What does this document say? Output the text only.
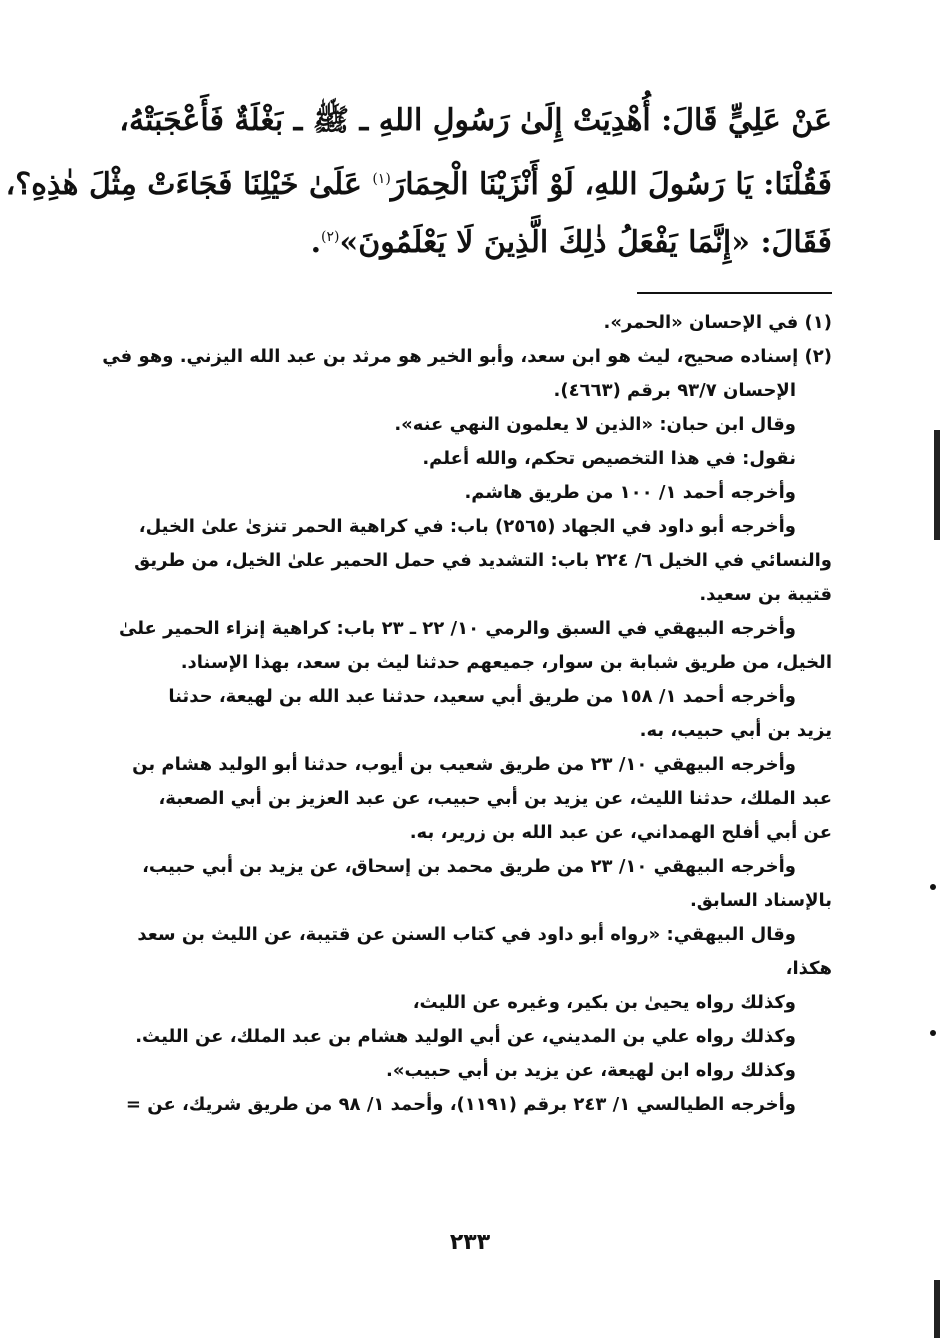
عَنْ عَلِيٍّ قَالَ: أُهْدِيَتْ إِلَىٰ رَسُولِ اللهِ ـ ﷺ ـ بَغْلَةٌ فَأَعْجَبَتْهُ،
فَقُلْنَا: يَا رَسُولَ اللهِ، لَوْ أَنْزَيْنَا الْحِمَارَ$^{(١)}$ عَلَىٰ خَيْلِنَا فَجَاءَتْ مِثْلَ هٰذِهِ؟،
فَقَالَ: «إِنَّمَا يَفْعَلُ ذٰلِكَ الَّذِينَ لَا يَعْلَمُونَ»$^{(٢)}$.
(١) في الإحسان «الحمر».
(٢) إسناده صحيح، ليث هو ابن سعد، وأبو الخير هو مرثد بن عبد الله اليزني. وهو في
الإحسان ٩٣/٧ برقم (٤٦٦٣).
وقال ابن حبان: «الذين لا يعلمون النهي عنه».
نقول: في هذا التخصيص تحكم، والله أعلم.
وأخرجه أحمد ١/ ١٠٠ من طريق هاشم.
وأخرجه أبو داود في الجهاد (٢٥٦٥) باب: في كراهية الحمر تنزىٰ علىٰ الخيل،
والنسائي في الخيل ٦/ ٢٢٤ باب: التشديد في حمل الحمير علىٰ الخيل، من طريق
قتيبة بن سعيد.
وأخرجه البيهقي في السبق والرمي ١٠/ ٢٢ ـ ٢٣ باب: كراهية إنزاء الحمير علىٰ
الخيل، من طريق شبابة بن سوار، جميعهم حدثنا ليث بن سعد، بهذا الإسناد.
وأخرجه أحمد ١/ ١٥٨ من طريق أبي سعيد، حدثنا عبد الله بن لهيعة، حدثنا
يزيد بن أبي حبيب، به.
وأخرجه البيهقي ١٠/ ٢٣ من طريق شعيب بن أيوب، حدثنا أبو الوليد هشام بن
عبد الملك، حدثنا الليث، عن يزيد بن أبي حبيب، عن عبد العزيز بن أبي الصعبة،
عن أبي أفلح الهمداني، عن عبد الله بن زرير، به.
وأخرجه البيهقي ١٠/ ٢٣ من طريق محمد بن إسحاق، عن يزيد بن أبي حبيب،
بالإسناد السابق.
وقال البيهقي: «رواه أبو داود في كتاب السنن عن قتيبة، عن الليث بن سعد
هكذا،
وكذلك رواه يحيىٰ بن بكير، وغيره عن الليث،
وكذلك رواه علي بن المديني، عن أبي الوليد هشام بن عبد الملك، عن الليث.
وكذلك رواه ابن لهيعة، عن يزيد بن أبي حبيب».
وأخرجه الطيالسي ١/ ٢٤٣ برقم (١١٩١)، وأحمد ١/ ٩٨ من طريق شريك، عن =
٢٣٣
